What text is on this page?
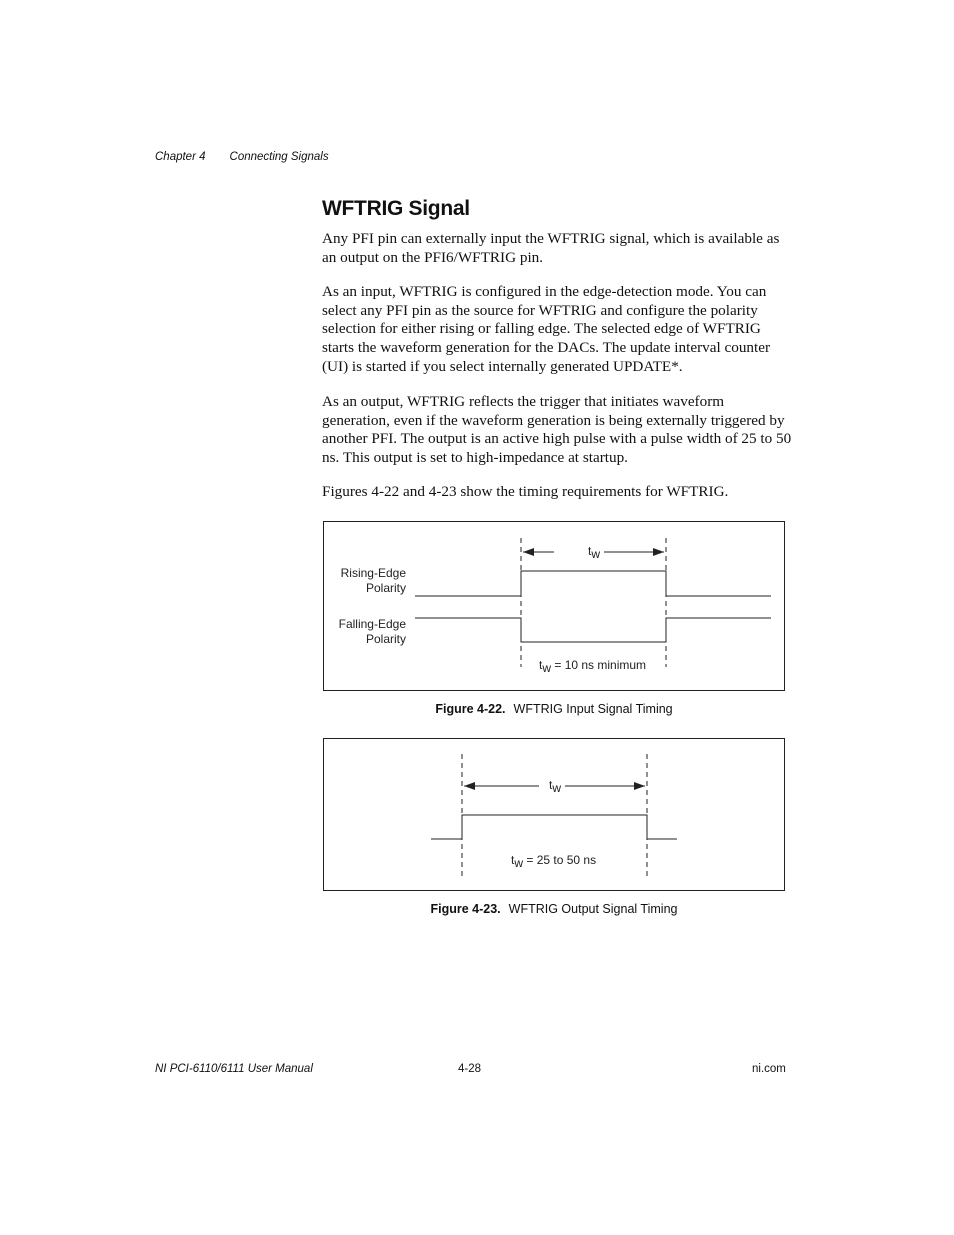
Chapter 4 Connecting Signals
WFTRIG Signal

Any PFI pin can externally input the WFTRIG signal, which is available as an output on the PFI6/WFTRIG pin.

As an input, WFTRIG is configured in the edge-detection mode. You can select any PFI pin as the source for WFTRIG and configure the polarity selection for either rising or falling edge. The selected edge of WFTRIG starts the waveform generation for the DACs. The update interval counter (UI) is started if you select internally generated UPDATE*.

As an output, WFTRIG reflects the trigger that initiates waveform generation, even if the waveform generation is being externally triggered by another PFI. The output is an active high pulse with a pulse width of 25 to 50 ns. This output is set to high-impedance at startup.

Figures 4-22 and 4-23 show the timing requirements for WFTRIG.

tw
Rising-Edge
Polarity
Falling-Edge
Polarity
tw = 10 ns minimum
Figure 4-22. WFTRIG Input Signal Timing
tw
tw = 25 to 50 ns
Figure 4-23. WFTRIG Output Signal Timing
NI PCI-6110/6111 User Manual	4-28	ni.com
